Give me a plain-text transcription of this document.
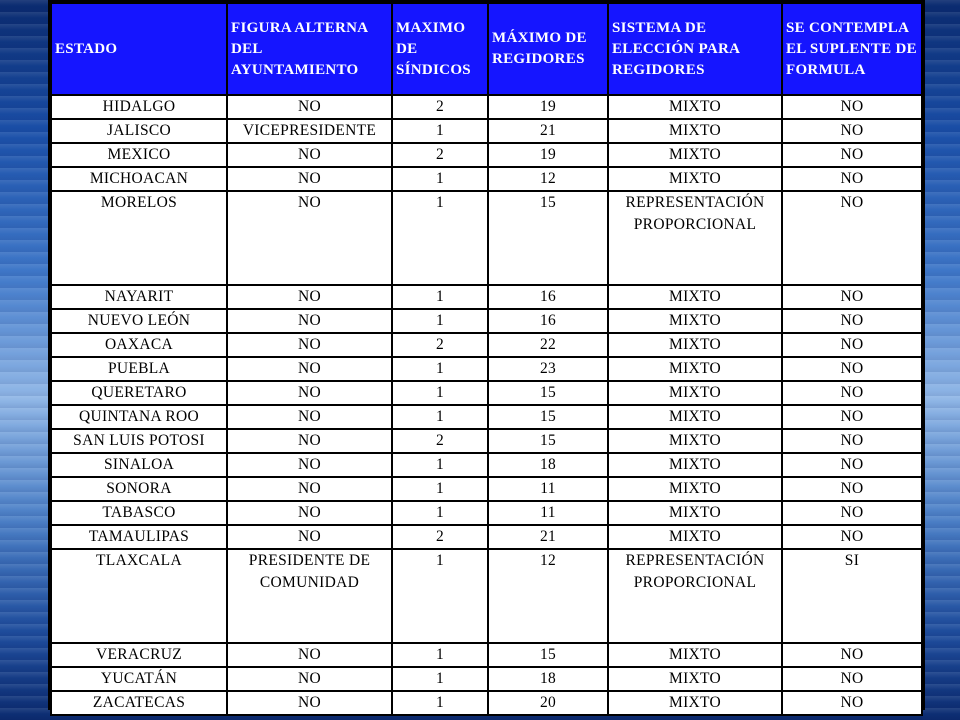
ESTADO	FIGURA ALTERNA DEL AYUNTAMIENTO	MAXIMO DE SÍNDICOS	MÁXIMO DE REGIDORES	SISTEMA DE ELECCIÓN PARA REGIDORES	SE CONTEMPLA EL SUPLENTE DE FORMULA
HIDALGO	NO	2	19	MIXTO	NO
JALISCO	VICEPRESIDENTE	1	21	MIXTO	NO
MEXICO	NO	2	19	MIXTO	NO
MICHOACAN	NO	1	12	MIXTO	NO
MORELOS	NO	1	15	REPRESENTACIÓN PROPORCIONAL	NO
NAYARIT	NO	1	16	MIXTO	NO
NUEVO LEÓN	NO	1	16	MIXTO	NO
OAXACA	NO	2	22	MIXTO	NO
PUEBLA	NO	1	23	MIXTO	NO
QUERETARO	NO	1	15	MIXTO	NO
QUINTANA ROO	NO	1	15	MIXTO	NO
SAN LUIS POTOSI	NO	2	15	MIXTO	NO
SINALOA	NO	1	18	MIXTO	NO
SONORA	NO	1	11	MIXTO	NO
TABASCO	NO	1	11	MIXTO	NO
TAMAULIPAS	NO	2	21	MIXTO	NO
TLAXCALA	PRESIDENTE DE COMUNIDAD	1	12	REPRESENTACIÓN PROPORCIONAL	SI
VERACRUZ	NO	1	15	MIXTO	NO
YUCATÁN	NO	1	18	MIXTO	NO
ZACATECAS	NO	1	20	MIXTO	NO
